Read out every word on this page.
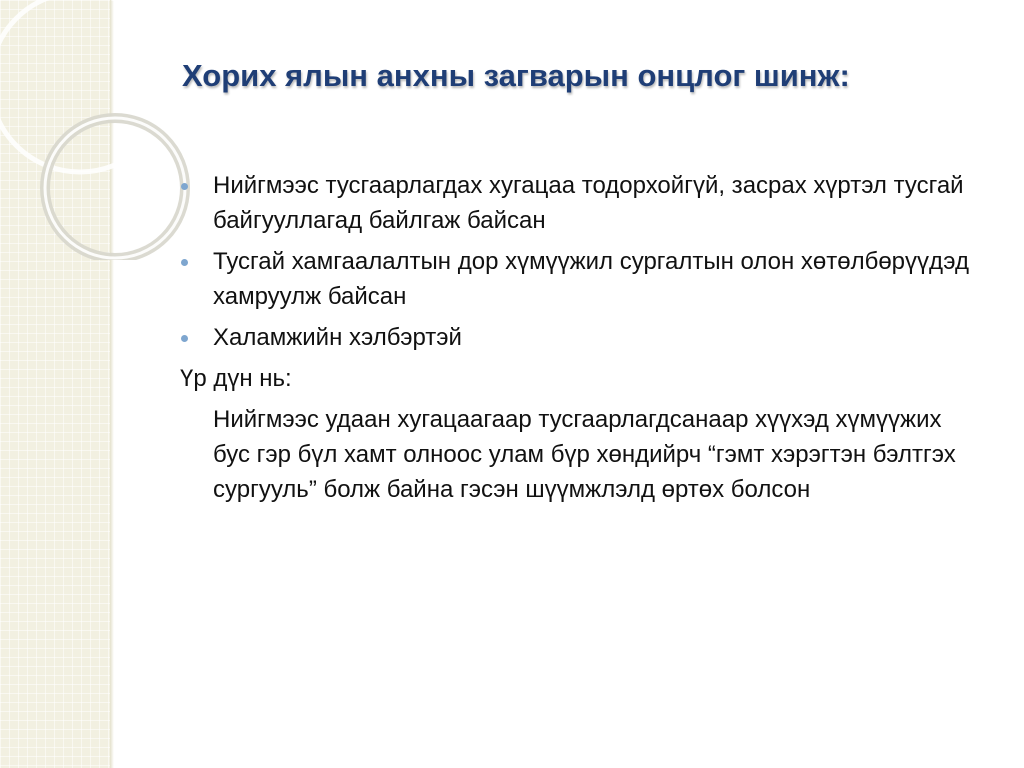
Хорих ялын анхны загварын онцлог шинж:
Нийгмээс тусгаарлагдах хугацаа тодорхойгүй, засрах хүртэл тусгай байгууллагад байлгаж байсан
Тусгай хамгаалалтын дор хүмүүжил сургалтын олон хөтөлбөрүүдэд хамруулж байсан
Халамжийн хэлбэртэй

Үр дүн нь:

Нийгмээс удаан хугацаагаар тусгаарлагдсанаар хүүхэд хүмүүжих бус гэр бүл хамт олноос улам бүр хөндийрч “гэмт хэрэгтэн бэлтгэх сургууль” болж байна гэсэн шүүмжлэлд өртөх болсон
